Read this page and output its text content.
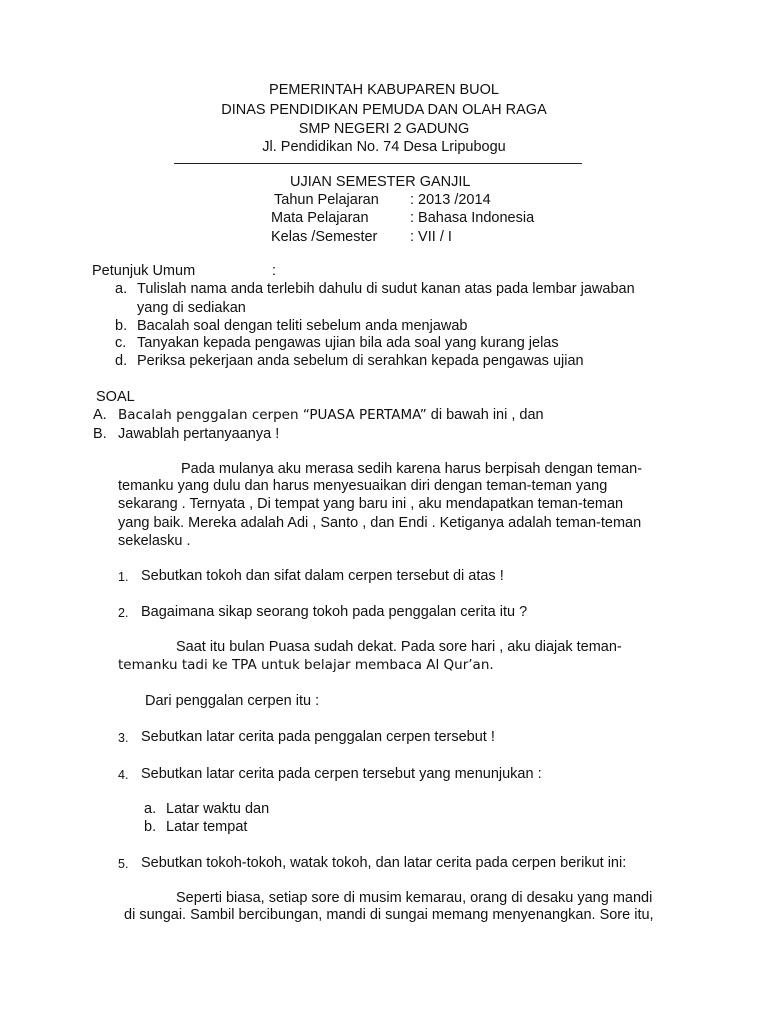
PEMERINTAH KABUPAREN BUOL
DINAS PENDIDIKAN PEMUDA DAN OLAH RAGA
SMP NEGERI 2 GADUNG
Jl. Pendidikan No. 74 Desa Lripubogu
UJIAN SEMESTER GANJIL
Tahun Pelajaran : 2013 /2014
Mata Pelajaran	: Bahasa Indonesia
Kelas /Semester : VII / I
Petunjuk Umum	:
a. Tulislah nama anda terlebih dahulu di sudut kanan atas pada lembar jawaban
yang di sediakan
b. Bacalah soal dengan teliti sebelum anda menjawab
c. Tanyakan kepada pengawas ujian bila ada soal yang kurang jelas
d. Periksa pekerjaan anda sebelum di serahkan kepada pengawas ujian
SOAL
A. Bacalah penggalan cerpen “PUASA PERTAMA” di bawah ini , dan
B. Jawablah pertanyaanya !
Pada mulanya aku merasa sedih karena harus berpisah dengan teman-
temanku yang dulu dan harus menyesuaikan diri dengan teman-teman yang
sekarang . Ternyata , Di tempat yang baru ini , aku mendapatkan teman-teman
yang baik. Mereka adalah Adi , Santo , dan Endi . Ketiganya adalah teman-teman
sekelasku .
1. Sebutkan tokoh dan sifat dalam cerpen tersebut di atas !
2. Bagaimana sikap seorang tokoh pada penggalan cerita itu ?
Saat itu bulan Puasa sudah dekat. Pada sore hari , aku diajak teman-
temanku tadi ke TPA untuk belajar membaca Al Qur’an.
Dari penggalan cerpen itu :
3. Sebutkan latar cerita pada penggalan cerpen tersebut !
4. Sebutkan latar cerita pada cerpen tersebut yang menunjukan :
a. Latar waktu dan
b. Latar tempat
5. Sebutkan tokoh-tokoh, watak tokoh, dan latar cerita pada cerpen berikut ini:
Seperti biasa, setiap sore di musim kemarau, orang di desaku yang mandi
di sungai. Sambil bercibungan, mandi di sungai memang menyenangkan. Sore itu,
